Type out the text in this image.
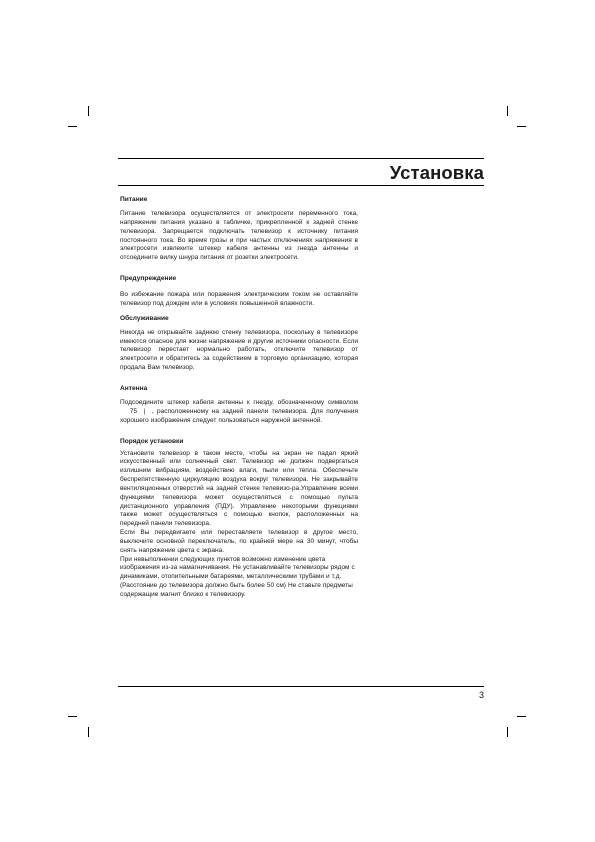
Установка

Питание

Питание телевизора осуществляется от электросети переменного тока, напряжение питания указано в табличке, прикрепленной к задней стенке телевизора. Запрещается подключать телевизор к источнику питания постоянного тока. Во время грозы и при частых отключениях напряжения в электросети извлеките штекер кабеля антенны из гнезда антенны и отсоедините вилку шнура питания от розетки электросети.

Предупреждение

Во избежание пожара или поражения электрическим током не оставляйте телевизор под дождем или в условиях повышенной влажности.

Обслуживание

Никогда не открывайте заднюю стенку телевизора, поскольку в телевизоре имеются опасное для жизни напряжение и другие источники опасности. Если телевизор перестает нормально работать, отключите телевизор от электросети и обратитесь за содействием в торговую организацию, которая продала Вам телевизор.

Антенна

Подсоедините штекер кабеля антенны к гнезду, обозначенному символом    75  |  , расположенному на задней панели телевизора. Для получения хорошего изображения следует пользоваться наружной антенной.

Порядок установки

Установите телевизор в таком месте, чтобы на экран не падал яркий искусственный или солнечный свет. Телевизор не должен подвергаться излишним вибрациям, воздействию влаги, пыли или тепла. Обеспечьте беспрепятственную циркуляцию воздуха вокруг телевизора. Не закрывайте вентиляционных отверстий на задней стенке телевизо-ра.Управление всеми функциями телевизора может осуществляться с помощью пульта дистанционного управления (ПДУ). Управление некоторыми функциями также может осуществляться с помощью кнопок, расположенных на передней панели телевизора.

Если Вы передвигаете или переставляете телевизор в другое место, выключите основной переключатель, по крайней мере на 30 минут, чтобы снять напряжение цвета с экрана.

При невыполнении следующих пунктов возможно изменение цвета изображения из-за намагничивания. Не устанавливайте телевизоры рядом с динамиками, отопительными батареями, металлическими трубами и т.д. (Расстояние до телевизора должно быть более 50 см) Не ставьте предметы содержащие магнит близко к телевизору.

3
